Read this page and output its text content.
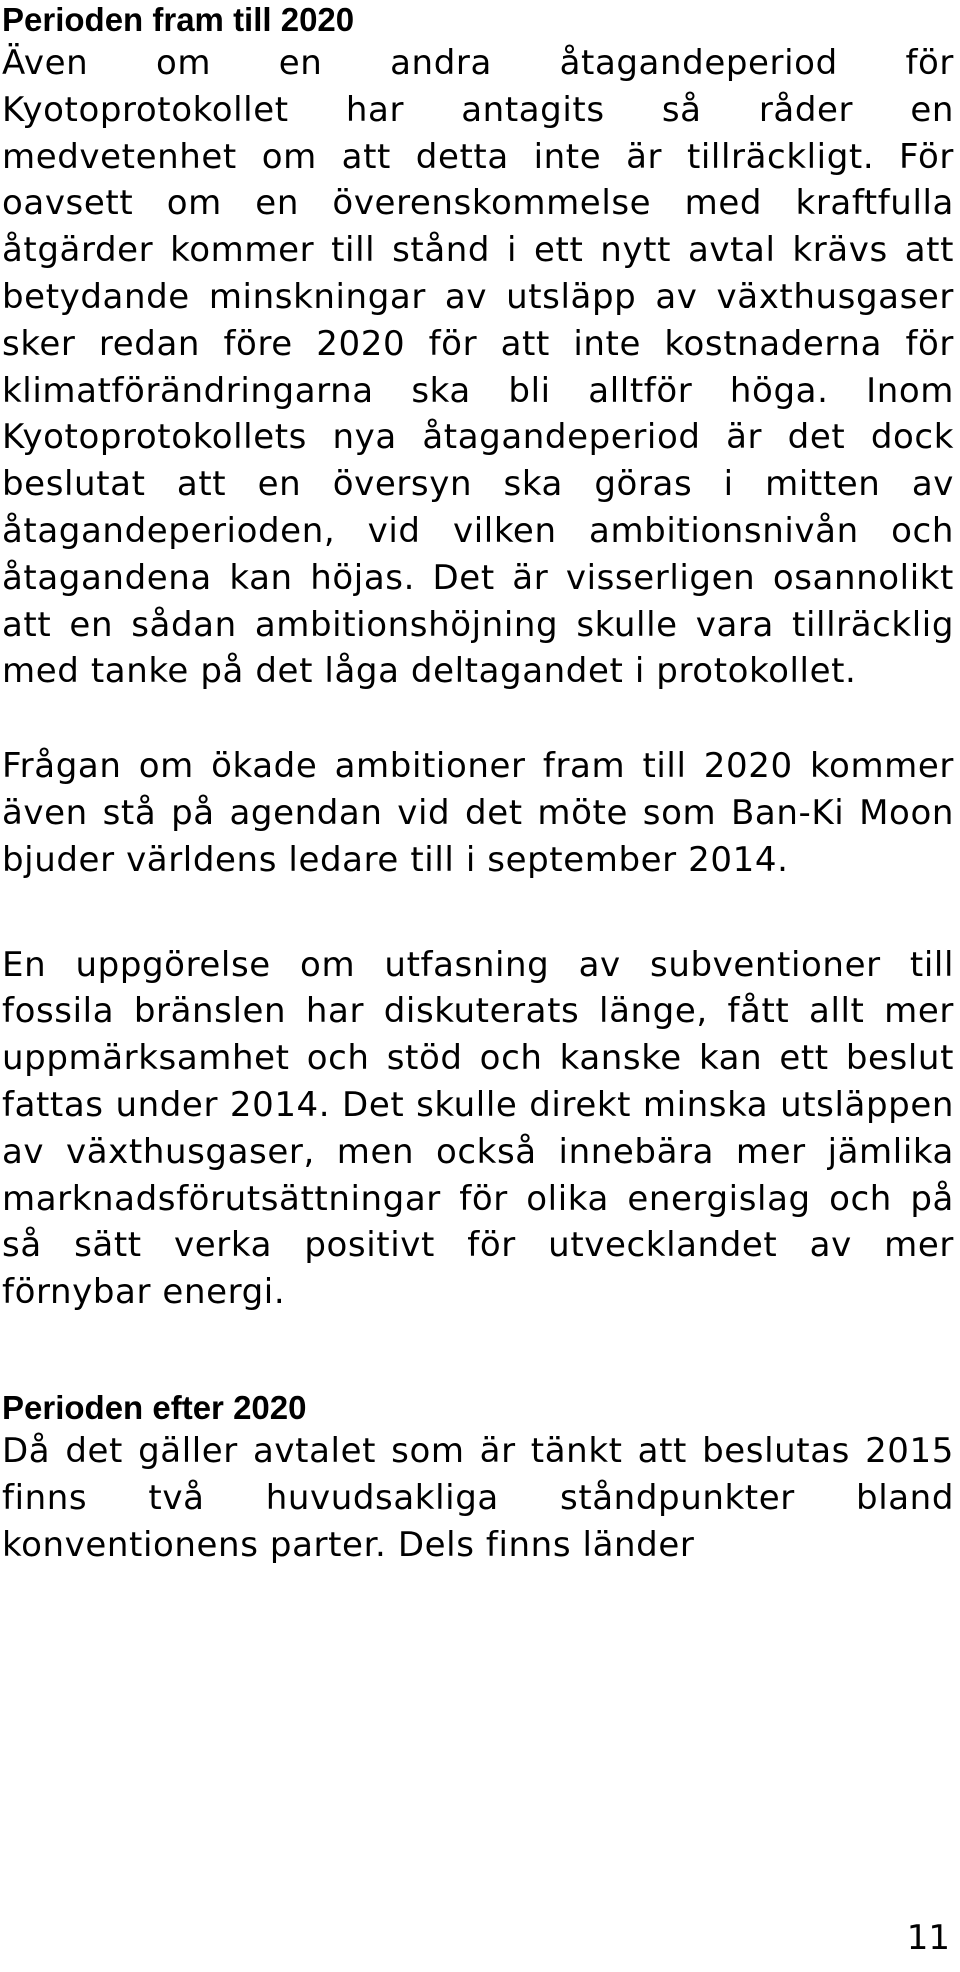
Perioden fram till 2020

Även om en andra åtagandeperiod för Kyotoprotokollet har antagits så råder en medvetenhet om att detta inte är tillräckligt. För oavsett om en överenskommelse med kraftfulla åtgärder kommer till stånd i ett nytt avtal krävs att betydande minskningar av utsläpp av växthusgaser sker redan före 2020 för att inte kostnaderna för klimatförändringarna ska bli alltför höga. Inom Kyotoprotokollets nya åtagandeperiod är det dock beslutat att en översyn ska göras i mitten av åtagandeperioden, vid vilken ambitionsnivån och åtagandena kan höjas. Det är visserligen osannolikt att en sådan ambitionshöjning skulle vara tillräcklig med tanke på det låga deltagandet i protokollet.

Frågan om ökade ambitioner fram till 2020 kommer även stå på agendan vid det möte som Ban-Ki Moon bjuder världens ledare till i september 2014.

En uppgörelse om utfasning av subventioner till fossila bränslen har diskuterats länge, fått allt mer uppmärksamhet och stöd och kanske kan ett beslut fattas under 2014. Det skulle direkt minska utsläppen av växthusgaser, men också innebära mer jämlika marknadsförutsättningar för olika energislag och på så sätt verka positivt för utvecklandet av mer förnybar energi.

Perioden efter 2020

Då det gäller avtalet som är tänkt att beslutas 2015 finns två huvudsakliga ståndpunkter bland konventionens parter. Dels finns länder

11
